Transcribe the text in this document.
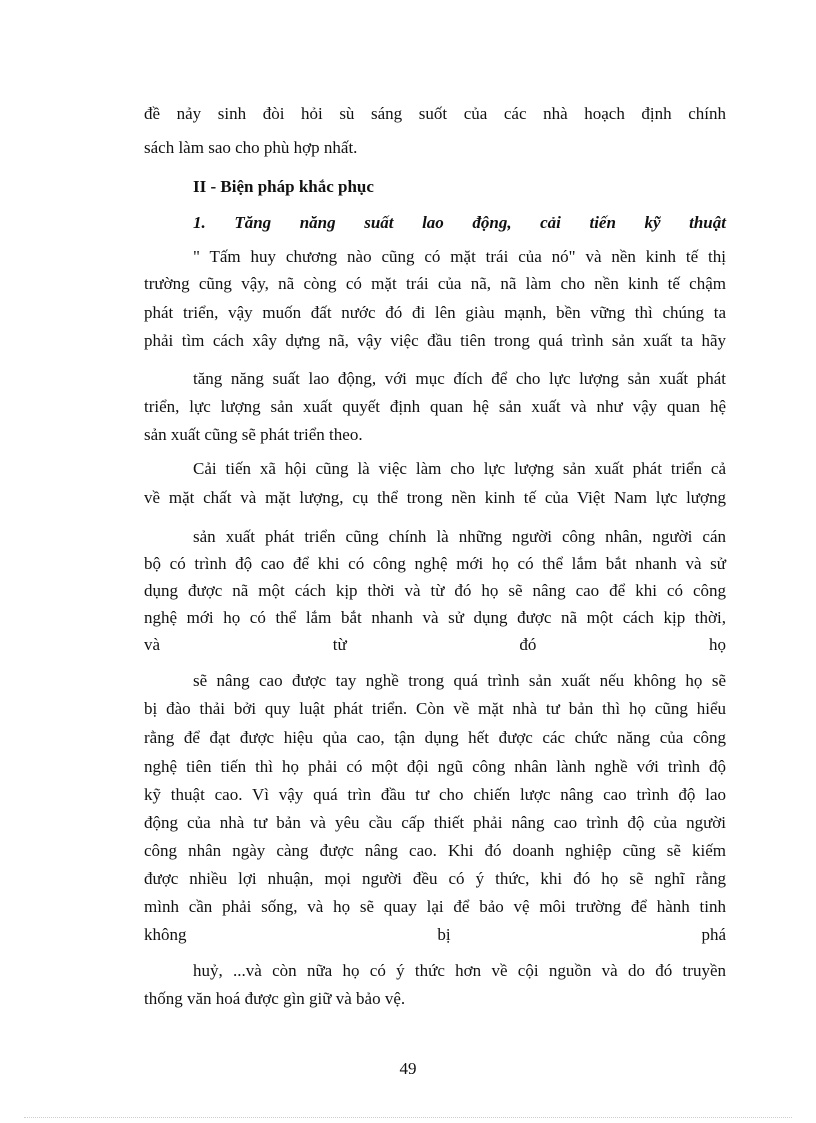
đề nảy sinh đòi hỏi sù sáng suốt của các nhà hoạch định chính
sách làm sao cho phù hợp nhất.
II - Biện pháp khắc phục
1. Tăng năng suất lao động, cải tiến kỹ thuật
" Tấm huy chương nào cũng có mặt trái của nó" và nền kinh tế thị
trường cũng vậy, nã còng có mặt trái của nã, nã làm cho nền kinh tế chậm
phát triển, vậy muốn đất nước đó đi lên giàu mạnh, bền vững thì chúng ta
phải tìm cách xây dựng nã, vậy việc đầu tiên trong quá trình sản xuất ta hãy
tăng năng suất lao động, với mục đích để cho lực lượng sản xuất phát
triển, lực lượng sản xuất quyết định quan hệ sản xuất và như vậy quan hệ
sản xuất cũng sẽ phát triển theo.
Cải tiến xã hội cũng là việc làm cho lực lượng sản xuất phát triển cả
về mặt chất và mặt lượng, cụ thể trong nền kinh tế của Việt Nam lực lượng
sản xuất phát triển cũng chính là những người công nhân, người cán
bộ có trình độ cao để khi có công nghệ mới họ có thể lắm bắt nhanh và sử
dụng được nã một cách kịp thời và từ đó họ sẽ nâng cao để khi có công
nghệ mới họ có thể lắm bắt nhanh và sử dụng được nã một cách kịp thời,
và	từ	đó	họ
sẽ nâng cao được tay nghề trong quá trình sản xuất nếu không họ sẽ
bị đào thải bởi quy luật phát triển. Còn về mặt nhà tư bản thì họ cũng hiểu
rằng để đạt được hiệu qủa cao, tận dụng hết được các chức năng của công
nghệ tiên tiến thì họ phải có một đội ngũ công nhân lành nghề với trình độ
kỹ thuật cao. Vì vậy quá trìn đầu tư cho chiến lược nâng cao trình độ lao
động của nhà tư bản và yêu cầu cấp thiết phải nâng cao trình độ của người
công nhân ngày càng được nâng cao. Khi đó doanh nghiệp cũng sẽ kiếm
được nhiều lợi nhuận, mọi người đều có ý thức, khi đó họ sẽ nghĩ rằng
mình cần phải sống, và họ sẽ quay lại để bảo vệ môi trường để hành tinh
không	bị	phá
huỷ, ...và còn nữa họ có ý thức hơn về cội nguồn và do đó truyền
thống văn hoá được gìn giữ và bảo vệ.
49
